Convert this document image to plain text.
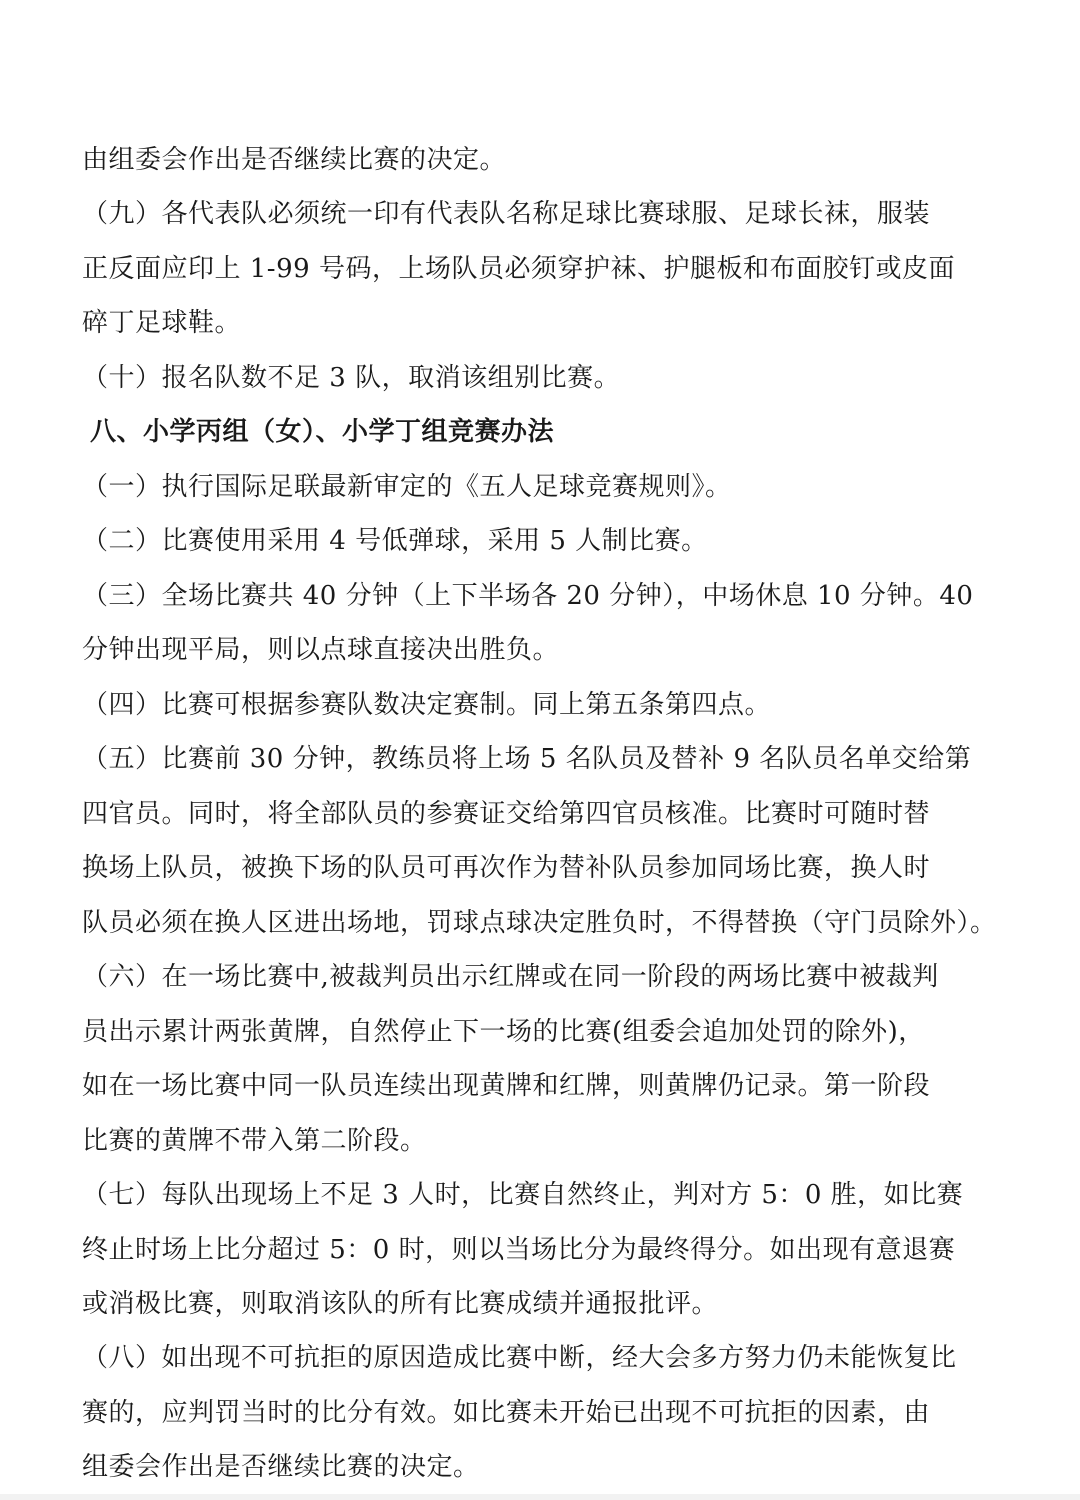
由组委会作出是否继续比赛的决定。
（九）各代表队必须统一印有代表队名称足球比赛球服、足球长袜，服装
正反面应印上 1-99 号码，上场队员必须穿护袜、护腿板和布面胶钉或皮面
碎丁足球鞋。
（十）报名队数不足 3 队，取消该组别比赛。
八、小学丙组（女）、小学丁组竞赛办法
（一）执行国际足联最新审定的《五人足球竞赛规则》。
（二）比赛使用采用 4 号低弹球，采用 5 人制比赛。
（三）全场比赛共 40 分钟（上下半场各 20 分钟），中场休息 10 分钟。40
分钟出现平局，则以点球直接决出胜负。
（四）比赛可根据参赛队数决定赛制。同上第五条第四点。
（五）比赛前 30 分钟，教练员将上场 5 名队员及替补 9 名队员名单交给第
四官员。同时，将全部队员的参赛证交给第四官员核准。比赛时可随时替
换场上队员，被换下场的队员可再次作为替补队员参加同场比赛，换人时
队员必须在换人区进出场地，罚球点球决定胜负时，不得替换（守门员除外）。
（六）在一场比赛中,被裁判员出示红牌或在同一阶段的两场比赛中被裁判
员出示累计两张黄牌，自然停止下一场的比赛(组委会追加处罚的除外)，
如在一场比赛中同一队员连续出现黄牌和红牌，则黄牌仍记录。第一阶段
比赛的黄牌不带入第二阶段。
（七）每队出现场上不足 3 人时，比赛自然终止，判对方 5：0 胜，如比赛
终止时场上比分超过 5：0 时，则以当场比分为最终得分。如出现有意退赛
或消极比赛，则取消该队的所有比赛成绩并通报批评。
（八）如出现不可抗拒的原因造成比赛中断，经大会多方努力仍未能恢复比
赛的，应判罚当时的比分有效。如比赛未开始已出现不可抗拒的因素，由
组委会作出是否继续比赛的决定。
